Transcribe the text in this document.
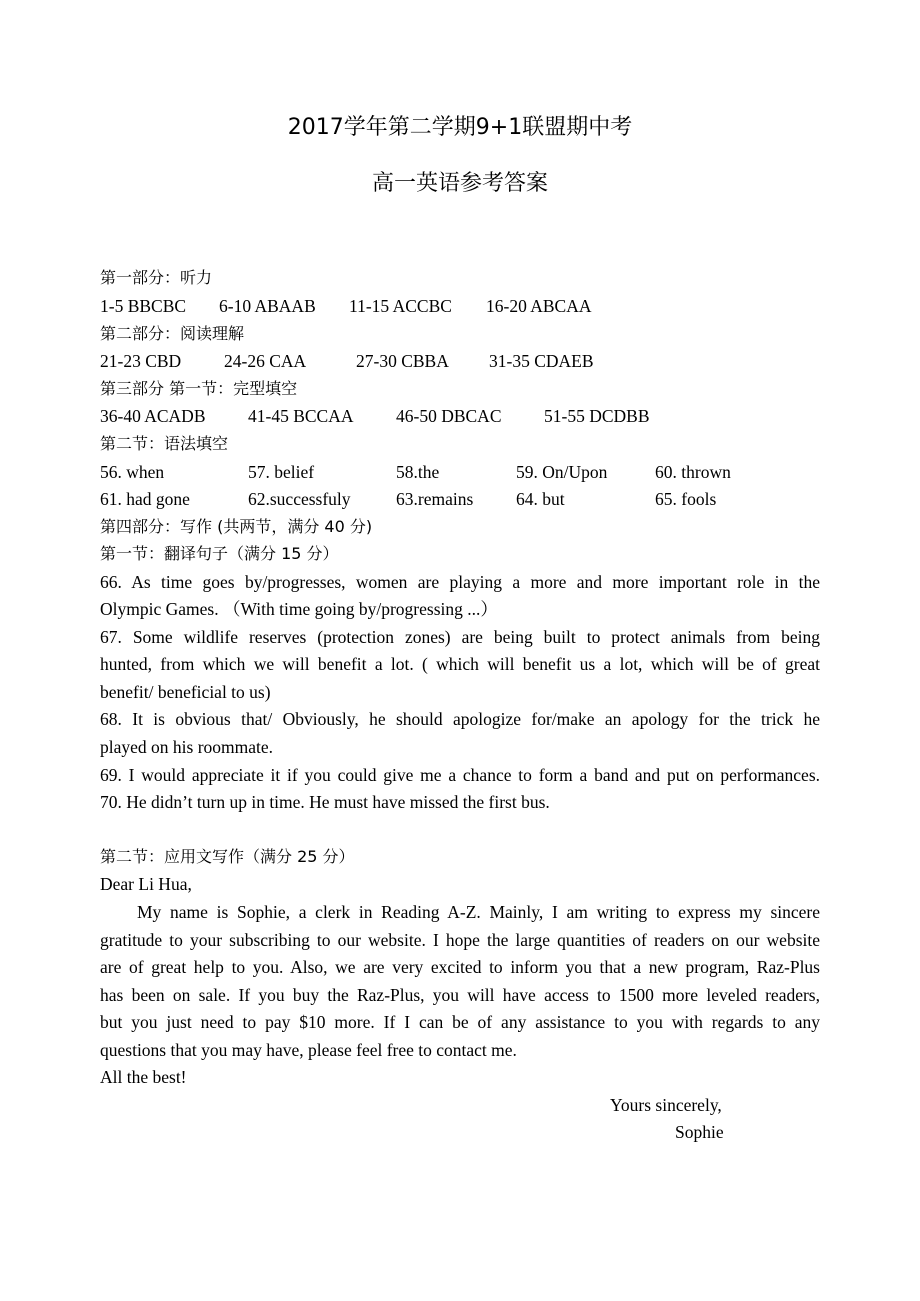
2017学年第二学期9+1联盟期中考
高一英语参考答案
第一部分：听力
1-5 BBCBC 6-10 ABAAB 11-15 ACCBC 16-20 ABCAA
第二部分：阅读理解
21-23 CBD 24-26 CAA	27-30 CBBA 31-35 CDAEB
第三部分 第一节：完型填空
36-40 ACADB 41-45 BCCAA 46-50 DBCAC 51-55 DCDBB
第二节：语法填空
56. when	57. belief	58.the	59. On/Upon	60. thrown
61. had gone	62.successfuly	63.remains 64. but	65. fools
第四部分：写作 (共两节，满分 40 分)
第一节：翻译句子（满分 15 分）
66. As time goes by/progresses, women are playing a more and more important role in the
Olympic Games. （With time going by/progressing ...）
67. Some wildlife reserves (protection zones) are being built to protect animals from being
hunted, from which we will benefit a lot. ( which will benefit us a lot, which will be of great
benefit/ beneficial to us)
68. It is obvious that/ Obviously, he should apologize for/make an apology for the trick he
played on his roommate.
69. I would appreciate it if you could give me a chance to form a band and put on performances.
70. He didn’t turn up in time. He must have missed the first bus.
第二节：应用文写作（满分 25 分）
Dear Li Hua,
My name is Sophie, a clerk in Reading A-Z. Mainly, I am writing to express my sincere
gratitude to your subscribing to our website. I hope the large quantities of readers on our website
are of great help to you. Also, we are very excited to inform you that a new program, Raz-Plus
has been on sale. If you buy the Raz-Plus, you will have access to 1500 more leveled readers,
but you just need to pay $10 more. If I can be of any assistance to you with regards to any
questions that you may have, please feel free to contact me.
All the best!
Yours sincerely,
Sophie
